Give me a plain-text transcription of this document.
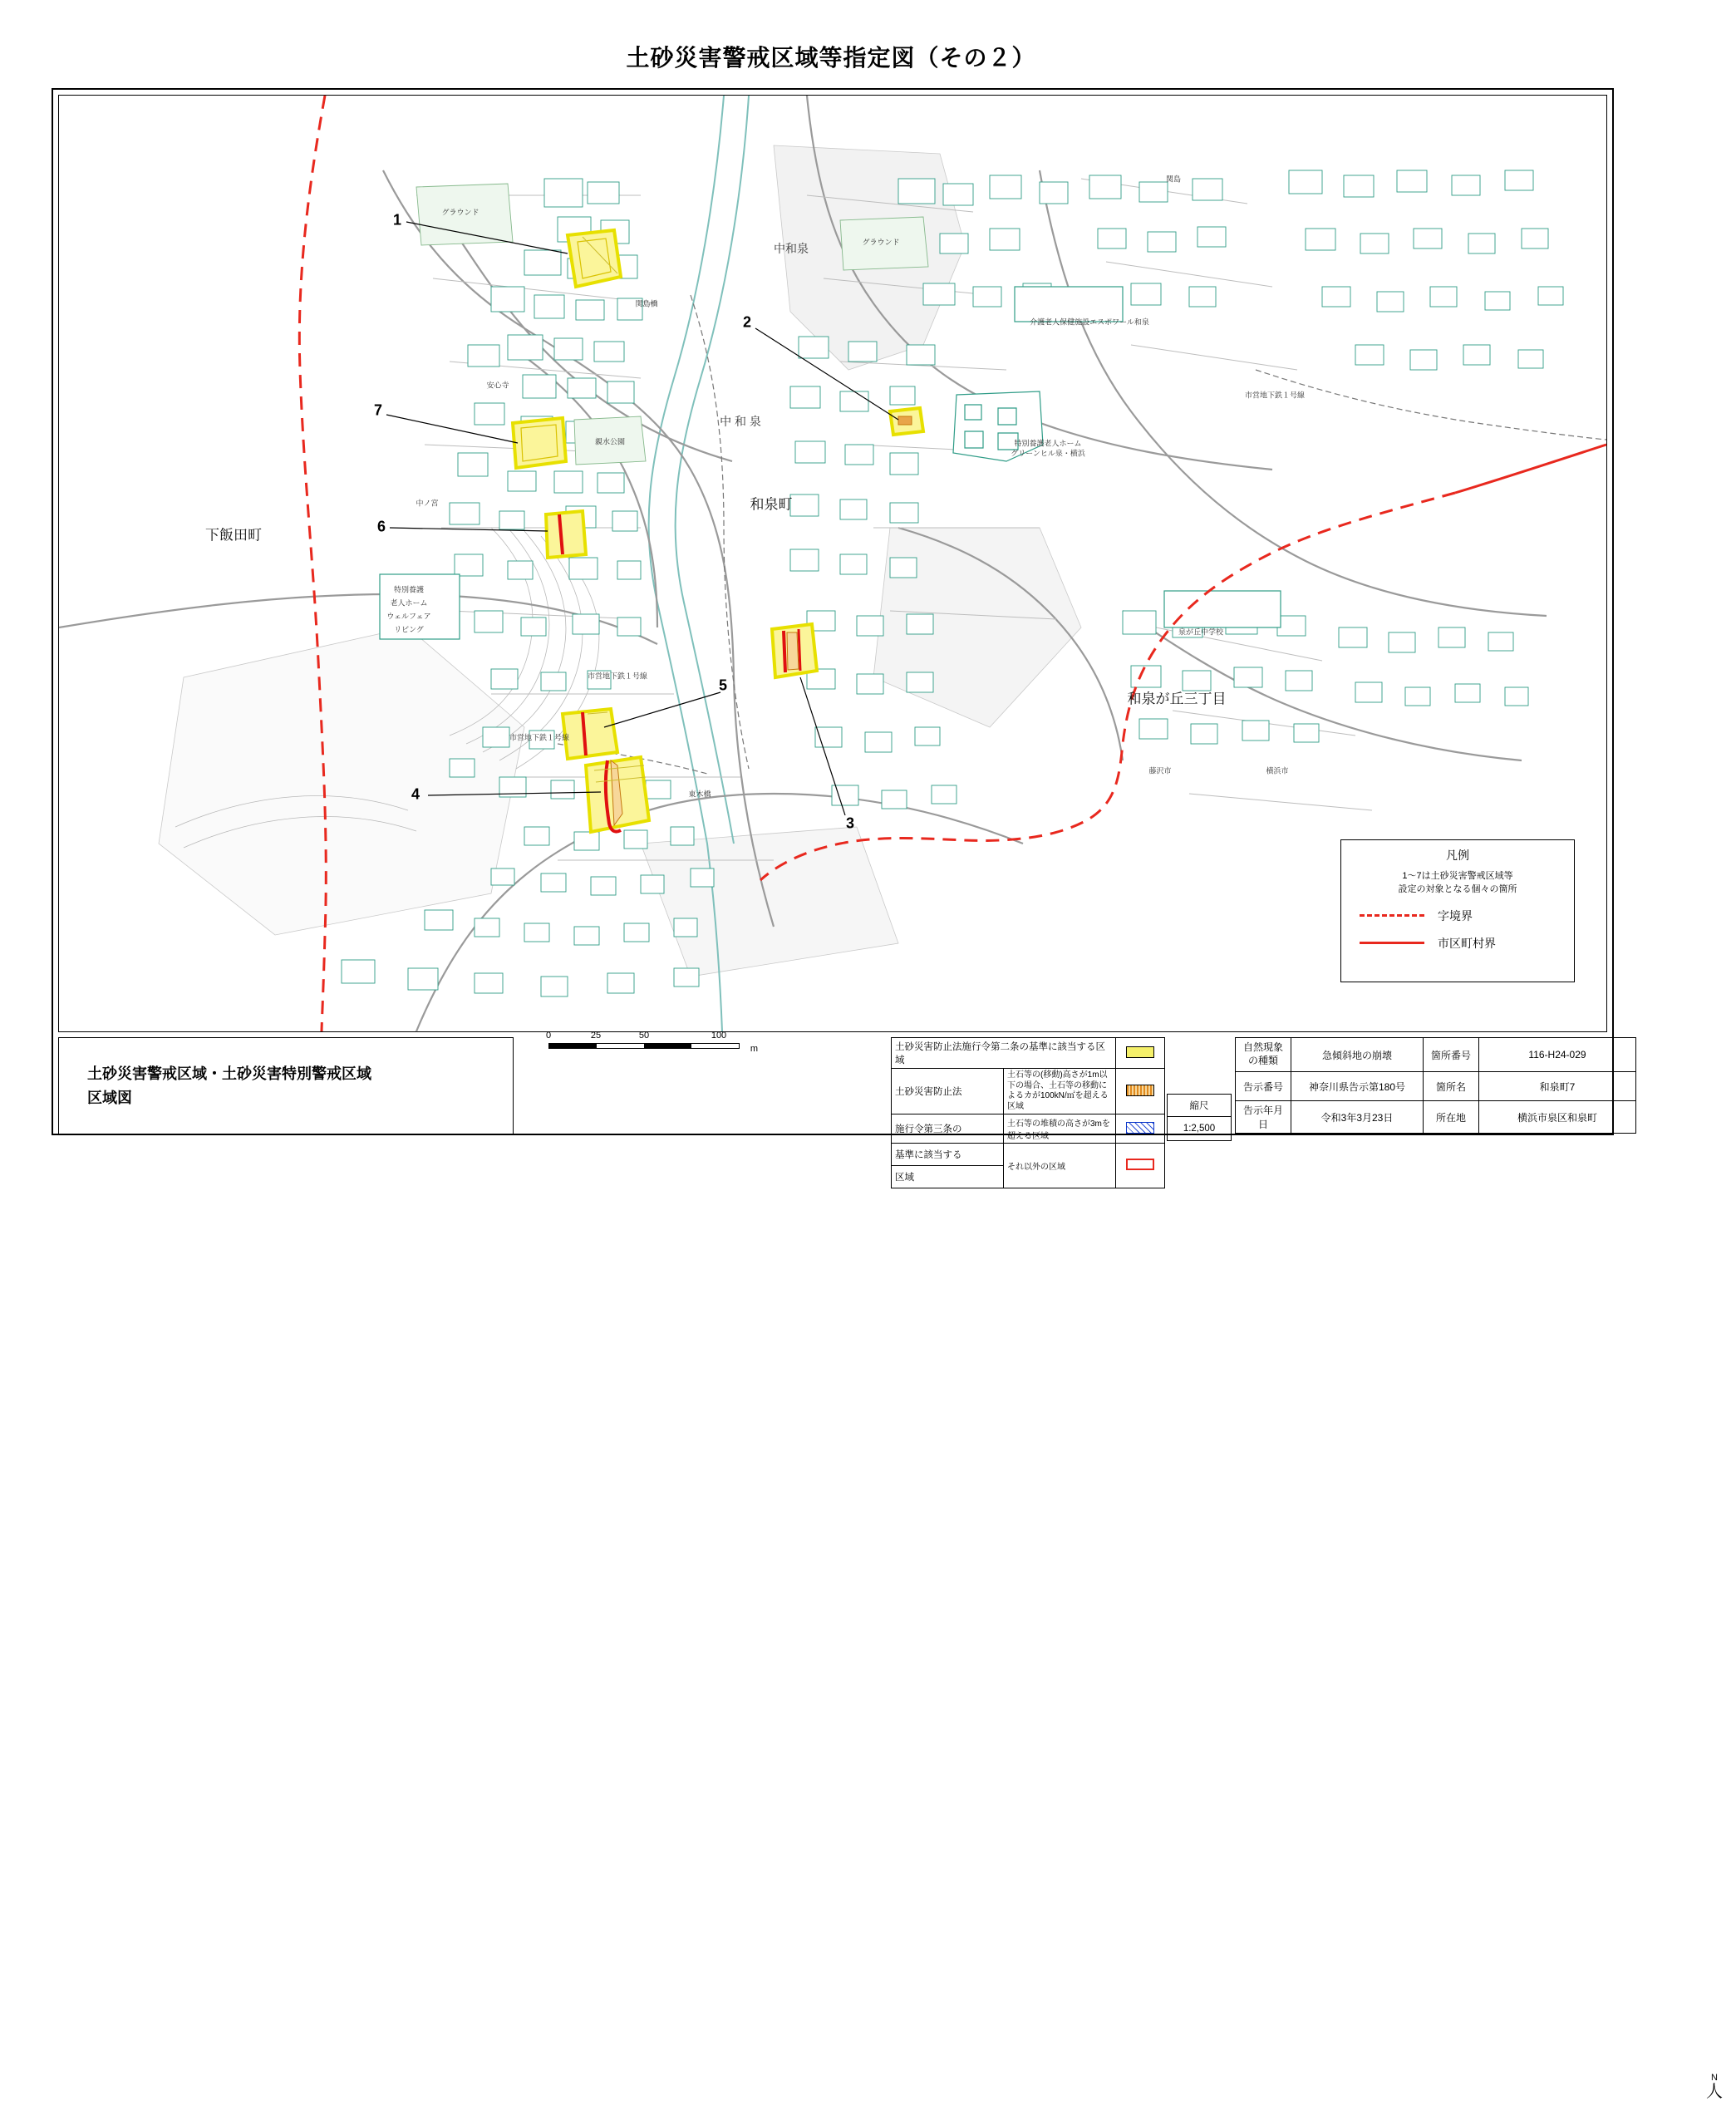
土砂災害警戒区域等指定図（その２）
下飯田町
和泉町
和泉が丘三丁目
中和泉
中 和 泉
関島
グラウンド
グラウンド
関島橋
安心寺
親水公園
中ノ宮
介護老人保健施設エスポワール和泉
特別養護老人ホーム
グリーンヒル泉・横浜
特別養護
老人ホーム
ウェルフェア
リビング
市営地下鉄１号線
市営地下鉄１号線
市営地下鉄１号線
泉が丘中学校
東木橋
藤沢市	横浜市
1
2
3
4
5
6
7
凡例
1～7は土砂災害警戒区域等
設定の対象となる個々の箇所
字境界
市区町村界
0	25	50	100
m
土砂災害警戒区域・土砂災害特別警戒区域
区域図
土砂災害防止法施行令第二条の基準に該当する区域		
土砂災害防止法	土石等の(移動)高さが1m以下の場合、土石等の移動によるカが100kN/㎡を超える区域	
施行令第三条の	土石等の堆積の高さが3mを超える区域	
基準に該当する	それ以外の区域	
区域		
N
人
縮尺
1:2,500
自然現象
の種類	急傾斜地の崩壊	箇所番号	116-H24-029
告示番号	神奈川県告示第180号	箇所名	和泉町7
告示年月日	令和3年3月23日	所在地	横浜市泉区和泉町
